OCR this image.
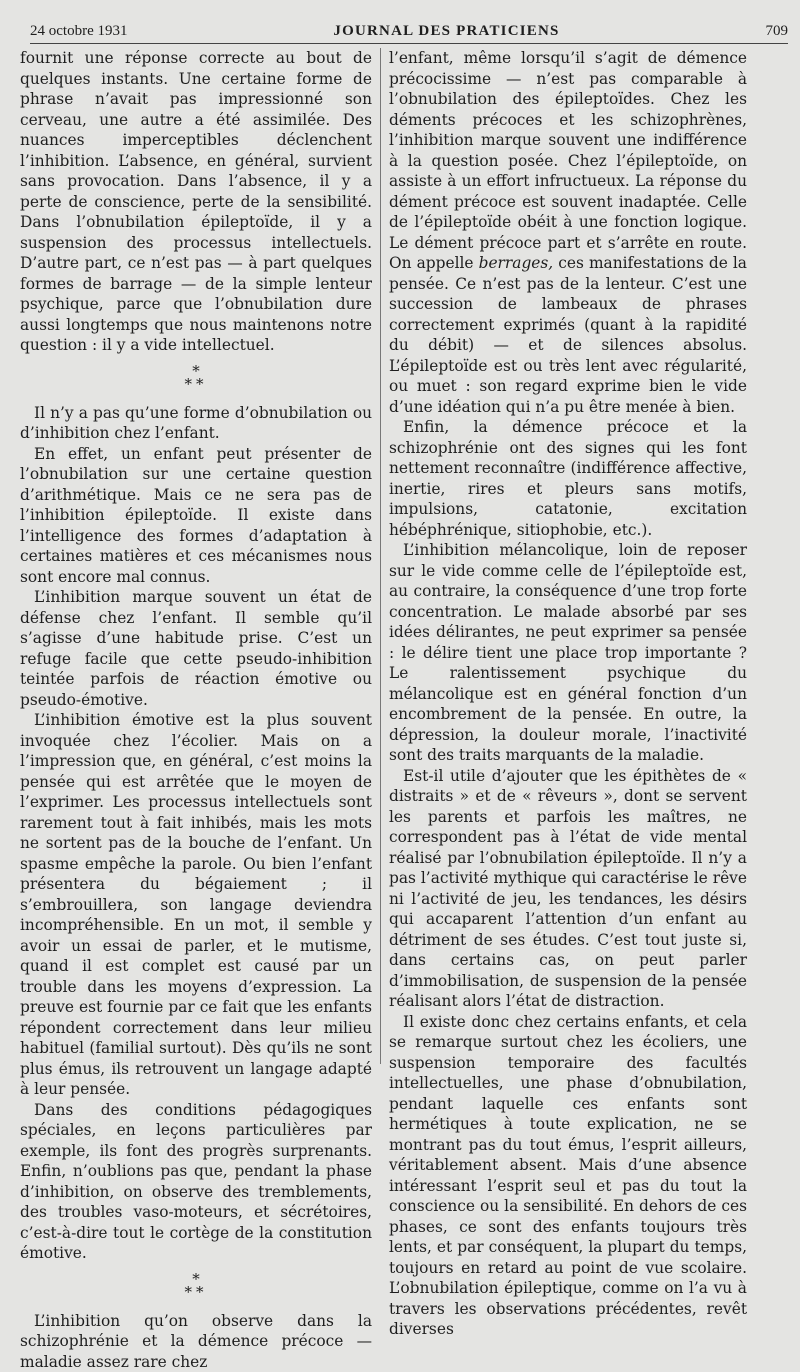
24 octobre 1931	JOURNAL DES PRATICIENS	709

fournit une réponse correcte au bout de quelques instants. Une certaine forme de phrase n’avait pas impressionné son cerveau, une autre a été assimilée. Des nuances imperceptibles déclenchent l’inhibition. L’absence, en général, survient sans provocation. Dans l’absence, il y a perte de conscience, perte de la sensibilité. Dans l’obnubilation épileptoïde, il y a suspension des processus intellectuels. D’autre part, ce n’est pas — à part quelques formes de barrage — de la simple lenteur psychique, parce que l’obnubilation dure aussi longtemps que nous maintenons notre question : il y a vide intellectuel.

*
**

Il n’y a pas qu’une forme d’obnubilation ou d’inhibition chez l’enfant.

En effet, un enfant peut présenter de l’obnubilation sur une certaine question d’arithmétique. Mais ce ne sera pas de l’inhibition épileptoïde. Il existe dans l’intelligence des formes d’adaptation à certaines matières et ces mécanismes nous sont encore mal connus.

L’inhibition marque souvent un état de défense chez l’enfant. Il semble qu’il s’agisse d’une habitude prise. C’est un refuge facile que cette pseudo-inhibition teintée parfois de réaction émotive ou pseudo-émotive.

L’inhibition émotive est la plus souvent invoquée chez l’écolier. Mais on a l’impression que, en général, c’est moins la pensée qui est arrêtée que le moyen de l’exprimer. Les processus intellectuels sont rarement tout à fait inhibés, mais les mots ne sortent pas de la bouche de l’enfant. Un spasme empêche la parole. Ou bien l’enfant présentera du bégaiement ; il s’embrouillera, son langage deviendra incompréhensible. En un mot, il semble y avoir un essai de parler, et le mutisme, quand il est complet est causé par un trouble dans les moyens d’expression. La preuve est fournie par ce fait que les enfants répondent correctement dans leur milieu habituel (familial surtout). Dès qu’ils ne sont plus émus, ils retrouvent un langage adapté à leur pensée.

Dans des conditions pédagogiques spéciales, en leçons particulières par exemple, ils font des progrès surprenants. Enfin, n’oublions pas que, pendant la phase d’inhibition, on observe des tremblements, des troubles vaso-moteurs, et sécrétoires, c’est-à-dire tout le cortège de la constitution émotive.

*
**

L’inhibition qu’on observe dans la schizophrénie et la démence précoce — maladie assez rare chez

l’enfant, même lorsqu’il s’agit de démence précocissime — n’est pas comparable à l’obnubilation des épileptoïdes. Chez les déments précoces et les schizophrènes, l’inhibition marque souvent une indifférence à la question posée. Chez l’épileptoïde, on assiste à un effort infructueux. La réponse du dément précoce est souvent inadaptée. Celle de l’épileptoïde obéit à une fonction logique. Le dément précoce part et s’arrête en route. On appelle berrages, ces manifestations de la pensée. Ce n’est pas de la lenteur. C’est une succession de lambeaux de phrases correctement exprimés (quant à la rapidité du débit) — et de silences absolus. L’épileptoïde est ou très lent avec régularité, ou muet : son regard exprime bien le vide d’une idéation qui n’a pu être menée à bien.

Enfin, la démence précoce et la schizophrénie ont des signes qui les font nettement reconnaître (indifférence affective, inertie, rires et pleurs sans motifs, impulsions, catatonie, excitation hébéphrénique, sitiophobie, etc.).

L’inhibition mélancolique, loin de reposer sur le vide comme celle de l’épileptoïde est, au contraire, la conséquence d’une trop forte concentration. Le malade absorbé par ses idées délirantes, ne peut exprimer sa pensée : le délire tient une place trop importante ? Le ralentissement psychique du mélancolique est en général fonction d’un encombrement de la pensée. En outre, la dépression, la douleur morale, l’inactivité sont des traits marquants de la maladie.

Est-il utile d’ajouter que les épithètes de « distraits » et de « rêveurs », dont se servent les parents et parfois les maîtres, ne correspondent pas à l’état de vide mental réalisé par l’obnubilation épileptoïde. Il n’y a pas l’activité mythique qui caractérise le rêve ni l’activité de jeu, les tendances, les désirs qui accaparent l’attention d’un enfant au détriment de ses études. C’est tout juste si, dans certains cas, on peut parler d’immobilisation, de suspension de la pensée réalisant alors l’état de distraction.

Il existe donc chez certains enfants, et cela se remarque surtout chez les écoliers, une suspension temporaire des facultés intellectuelles, une phase d’obnubilation, pendant laquelle ces enfants sont hermétiques à toute explication, ne se montrant pas du tout émus, l’esprit ailleurs, véritablement absent. Mais d’une absence intéressant l’esprit seul et pas du tout la conscience ou la sensibilité. En dehors de ces phases, ce sont des enfants toujours très lents, et par conséquent, la plupart du temps, toujours en retard au point de vue scolaire. L’obnubilation épileptique, comme on l’a vu à travers les observations précédentes, revêt diverses
